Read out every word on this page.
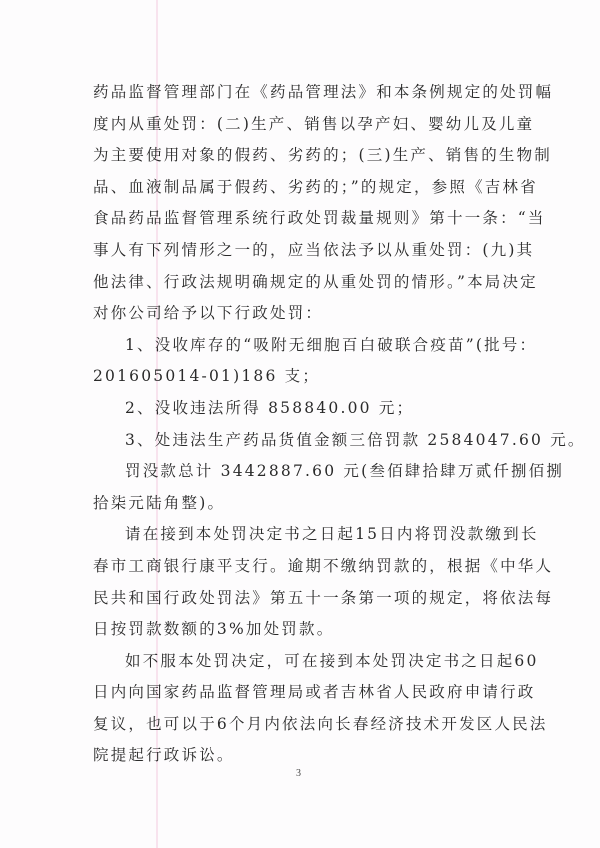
药品监督管理部门在《药品管理法》和本条例规定的处罚幅
度内从重处罚：(二)生产、销售以孕产妇、婴幼儿及儿童
为主要使用对象的假药、劣药的；(三)生产、销售的生物制
品、血液制品属于假药、劣药的；”的规定，参照《吉林省
食品药品监督管理系统行政处罚裁量规则》第十一条：“当
事人有下列情形之一的，应当依法予以从重处罚：(九)其
他法律、行政法规明确规定的从重处罚的情形。”本局决定
对你公司给予以下行政处罚：
1、没收库存的“吸附无细胞百白破联合疫苗”(批号：
201605014-01)186 支；
2、没收违法所得 858840.00 元；
3、处违法生产药品货值金额三倍罚款 2584047.60 元。
罚没款总计 3442887.60 元(叁佰肆拾肆万贰仟捌佰捌
拾柒元陆角整)。
请在接到本处罚决定书之日起15日内将罚没款缴到长
春市工商银行康平支行。逾期不缴纳罚款的，根据《中华人
民共和国行政处罚法》第五十一条第一项的规定，将依法每
日按罚款数额的3%加处罚款。
如不服本处罚决定，可在接到本处罚决定书之日起60
日内向国家药品监督管理局或者吉林省人民政府申请行政
复议，也可以于6个月内依法向长春经济技术开发区人民法
院提起行政诉讼。
3
